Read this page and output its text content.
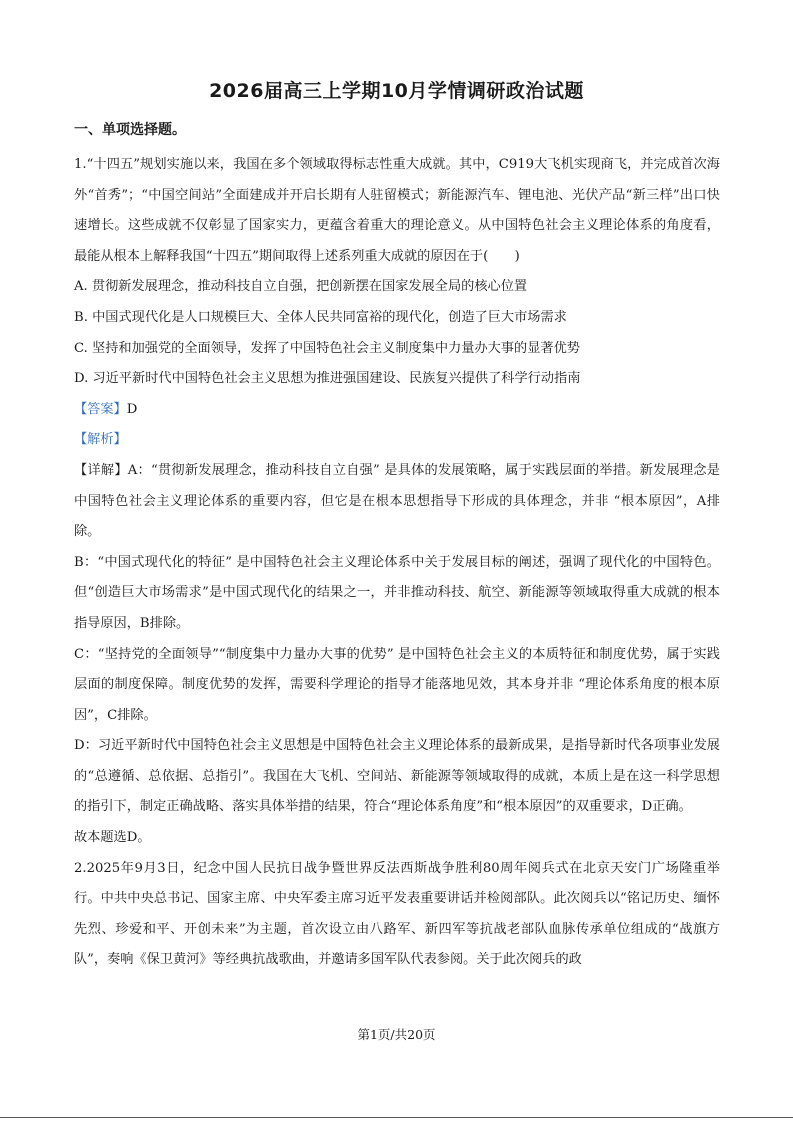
2026届高三上学期10月学情调研政治试题
一、单项选择题。

1.“十四五”规划实施以来，我国在多个领域取得标志性重大成就。其中，C919大飞机实现商飞，并完成首次海外“首秀”；“中国空间站”全面建成并开启长期有人驻留模式；新能源汽车、锂电池、光伏产品“新三样”出口快速增长。这些成就不仅彰显了国家实力，更蕴含着重大的理论意义。从中国特色社会主义理论体系的角度看，最能从根本上解释我国“十四五”期间取得上述系列重大成就的原因在于(　　)

A. 贯彻新发展理念，推动科技自立自强，把创新摆在国家发展全局的核心位置

B. 中国式现代化是人口规模巨大、全体人民共同富裕的现代化，创造了巨大市场需求

C. 坚持和加强党的全面领导，发挥了中国特色社会主义制度集中力量办大事的显著优势

D. 习近平新时代中国特色社会主义思想为推进强国建设、民族复兴提供了科学行动指南

【答案】D

【解析】

【详解】A：“贯彻新发展理念，推动科技自立自强” 是具体的发展策略，属于实践层面的举措。新发展理念是中国特色社会主义理论体系的重要内容，但它是在根本思想指导下形成的具体理念，并非 “根本原因”，A排除。

B：“中国式现代化的特征” 是中国特色社会主义理论体系中关于发展目标的阐述，强调了现代化的中国特色。但“创造巨大市场需求”是中国式现代化的结果之一，并非推动科技、航空、新能源等领域取得重大成就的根本指导原因，B排除。

C：“坚持党的全面领导”“制度集中力量办大事的优势” 是中国特色社会主义的本质特征和制度优势，属于实践层面的制度保障。制度优势的发挥，需要科学理论的指导才能落地见效，其本身并非 “理论体系角度的根本原因”，C排除。

D：习近平新时代中国特色社会主义思想是中国特色社会主义理论体系的最新成果，是指导新时代各项事业发展的“总遵循、总依据、总指引”。我国在大飞机、空间站、新能源等领域取得的成就，本质上是在这一科学思想的指引下，制定正确战略、落实具体举措的结果，符合“理论体系角度”和“根本原因”的双重要求，D正确。

故本题选D。

2.2025年9月3日，纪念中国人民抗日战争暨世界反法西斯战争胜利80周年阅兵式在北京天安门广场隆重举行。中共中央总书记、国家主席、中央军委主席习近平发表重要讲话并检阅部队。此次阅兵以“铭记历史、缅怀先烈、珍爱和平、开创未来”为主题，首次设立由八路军、新四军等抗战老部队血脉传承单位组成的“战旗方队”，奏响《保卫黄河》等经典抗战歌曲，并邀请多国军队代表参阅。关于此次阅兵的政

第1页/共20页
